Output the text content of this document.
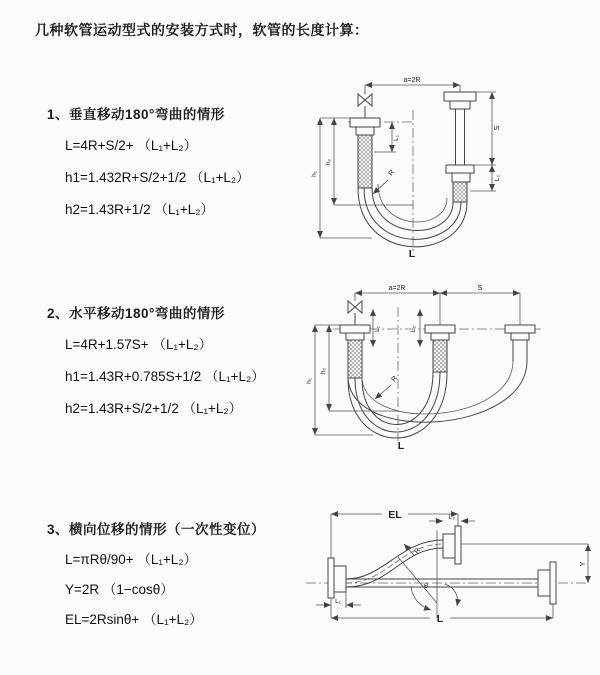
几种软管运动型式的安装方式时，软管的长度计算：
1、垂直移动180°弯曲的情形
L=4R+S/2+ （L₁+L₂）
h1=1.432R+S/2+1/2 （L₁+L₂）
h2=1.43R+1/2 （L₁+L₂）
2、水平移动180°弯曲的情形
L=4R+1.57S+ （L₁+L₂）
h1=1.43R+0.785S+1/2 （L₁+L₂）
h2=1.43R+S/2+1/2 （L₁+L₂）
3、横向位移的情形（一次性变位）
L=πRθ/90+ （L₁+L₂）
Y=2R （1−cosθ）
EL=2Rsinθ+ （L₁+L₂）
a=2R
L₁
S
L₂
h₁
h₂
R
L
a=2R	S
L₁	L₂
h₁
h₂
R
L
EL	L₂
θ
R
Y
L₁
L
